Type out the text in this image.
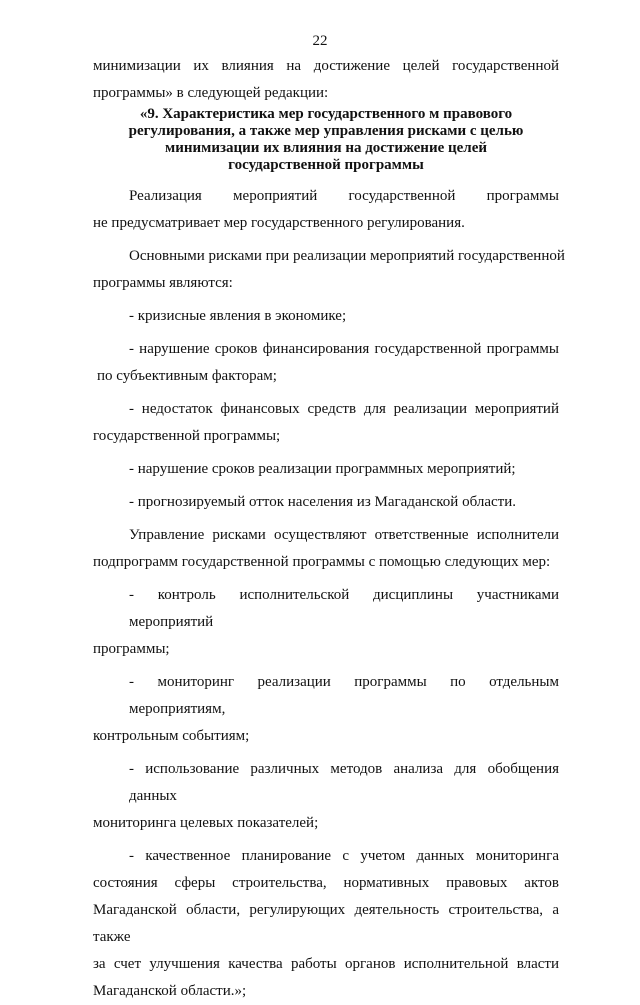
22
минимизации их влияния на достижение целей государственной
программы» в следующей редакции:
«9. Характеристика мер государственного м правового
регулирования, а также мер управления рисками с целью
минимизации их влияния на достижение целей
государственной программы
Реализация мероприятий государственной программы
не предусматривает мер государственного регулирования.
Основными рисками при реализации мероприятий государственной
программы являются:
- кризисные явления в экономике;
- нарушение сроков финансирования государственной программы
по субъективным факторам;
- недостаток финансовых средств для реализации мероприятий
государственной программы;
- нарушение сроков реализации программных мероприятий;
- прогнозируемый отток населения из Магаданской области.
Управление рисками осуществляют ответственные исполнители
подпрограмм государственной программы с помощью следующих мер:
- контроль исполнительской дисциплины участниками мероприятий
программы;
- мониторинг реализации программы по отдельным мероприятиям,
контрольным событиям;
- использование различных методов анализа для обобщения данных
мониторинга целевых показателей;
- качественное планирование с учетом данных мониторинга
состояния сферы строительства, нормативных правовых актов
Магаданской области, регулирующих деятельность строительства, а также
за счет улучшения качества работы органов исполнительной власти
Магаданской области.»;
